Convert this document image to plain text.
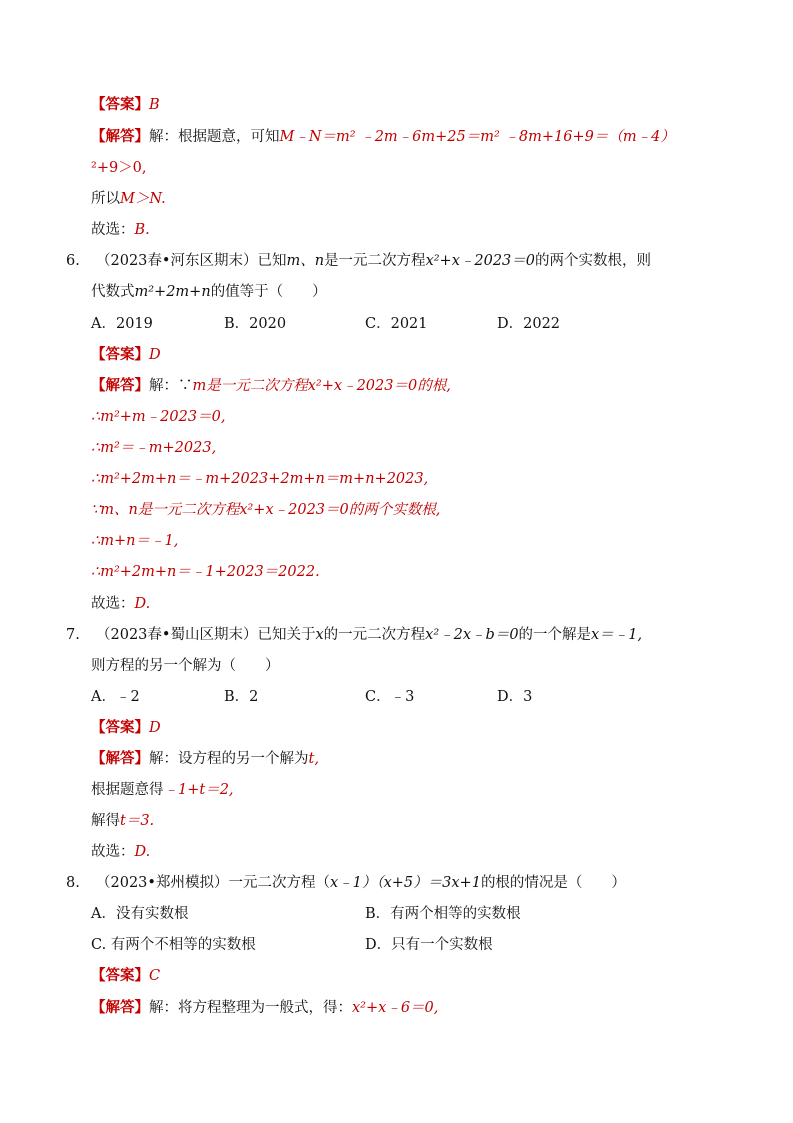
【答案】B
【解答】解：根据题意，可知M﹣N＝m² ﹣2m﹣6m+25＝m² ﹣8m+16+9＝（m﹣4）
²+9＞0,
所以M＞N.
故选：B.
6. （2023春•河东区期末）已知m、n是一元二次方程x²+x﹣2023＝0的两个实数根，则
代数式m²+2m+n的值等于（　　）
A．2019	B．2020	C．2021	D．2022
【答案】D
【解答】解：∵m是一元二次方程x²+x﹣2023＝0的根,
∴m²+m﹣2023＝0,
∴m²＝﹣m+2023,
∴m²+2m+n＝﹣m+2023+2m+n＝m+n+2023,
∵m、n是一元二次方程x²+x﹣2023＝0的两个实数根,
∴m+n＝﹣1,
∴m²+2m+n＝﹣1+2023＝2022.
故选：D.
7. （2023春•蜀山区期末）已知关于x的一元二次方程x²﹣2x﹣b＝0的一个解是x＝﹣1,
则方程的另一个解为（　　）
A．﹣2	B．2	C．﹣3	D．3
【答案】D
【解答】解：设方程的另一个解为t,
根据题意得﹣1+t＝2,
解得t＝3.
故选：D.
8. （2023•郑州模拟）一元二次方程（x﹣1）（x+5）＝3x+1的根的情况是（　　）
A．没有实数根	B．有两个相等的实数根
C. 有两个不相等的实数根	D．只有一个实数根
【答案】C
【解答】解：将方程整理为一般式，得：x²+x﹣6＝0,
